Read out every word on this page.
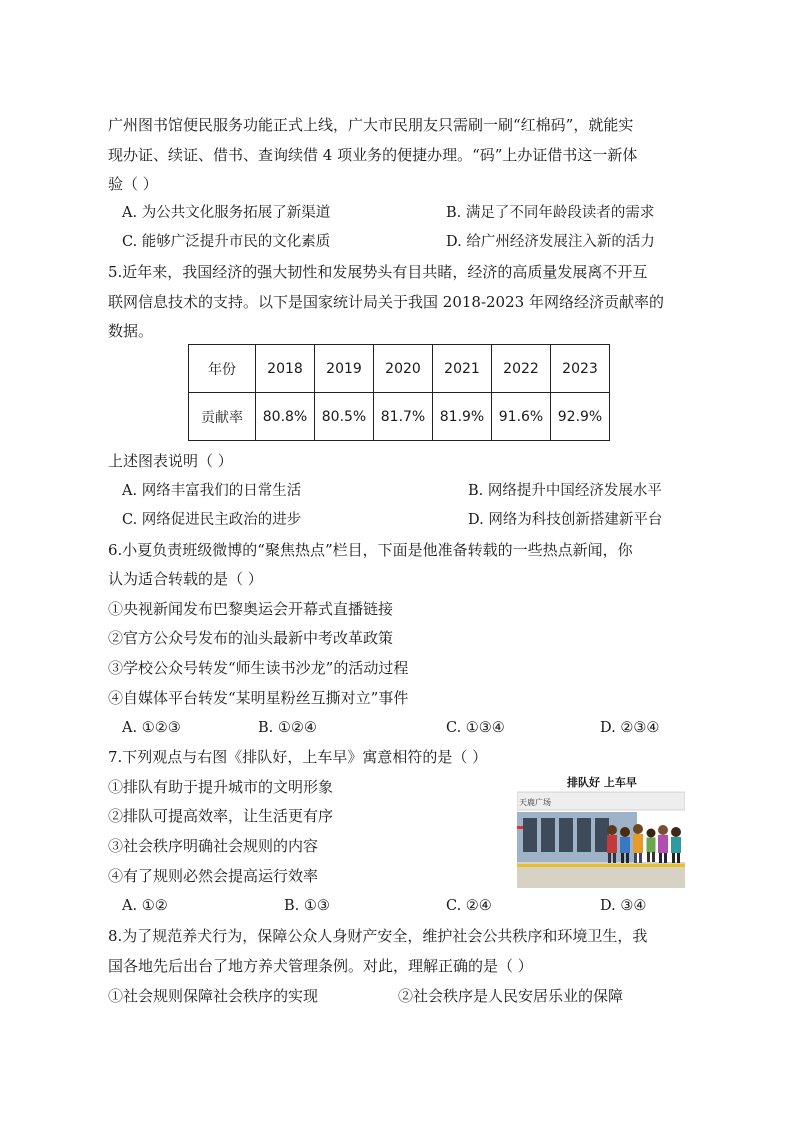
广州图书馆便民服务功能正式上线，广大市民朋友只需刷一刷“红棉码”，就能实
现办证、续证、借书、查询续借 4 项业务的便捷办理。“码”上办证借书这一新体
验（ ）
A. 为公共文化服务拓展了新渠道	B. 满足了不同年龄段读者的需求
C. 能够广泛提升市民的文化素质	D. 给广州经济发展注入新的活力
5.近年来，我国经济的强大韧性和发展势头有目共睹，经济的高质量发展离不开互
联网信息技术的支持。以下是国家统计局关于我国 2018-2023 年网络经济贡献率的
数据。
年份	2018	2019	2020	2021	2022	2023
贡献率	80.8%	80.5%	81.7%	81.9%	91.6%	92.9%
上述图表说明（ ）
A. 网络丰富我们的日常生活	B. 网络提升中国经济发展水平
C. 网络促进民主政治的进步	D. 网络为科技创新搭建新平台
6.小夏负责班级微博的“聚焦热点”栏目，下面是他准备转载的一些热点新闻，你
认为适合转载的是（ ）
①央视新闻发布巴黎奥运会开幕式直播链接
②官方公众号发布的汕头最新中考改革政策
③学校公众号转发“师生读书沙龙”的活动过程
④自媒体平台转发“某明星粉丝互撕对立”事件
A. ①②③	B. ①②④	C. ①③④	D. ②③④
7.下列观点与右图《排队好，上车早》寓意相符的是（ ）
①排队有助于提升城市的文明形象
②排队可提高效率，让生活更有序
③社会秩序明确社会规则的内容
④有了规则必然会提高运行效率
A. ①②	B. ①③	C. ②④	D. ③④
排队好 上车早
天鹿广场
8.为了规范养犬行为，保障公众人身财产安全，维护社会公共秩序和环境卫生，我
国各地先后出台了地方养犬管理条例。对此，理解正确的是（ ）
①社会规则保障社会秩序的实现	②社会秩序是人民安居乐业的保障
